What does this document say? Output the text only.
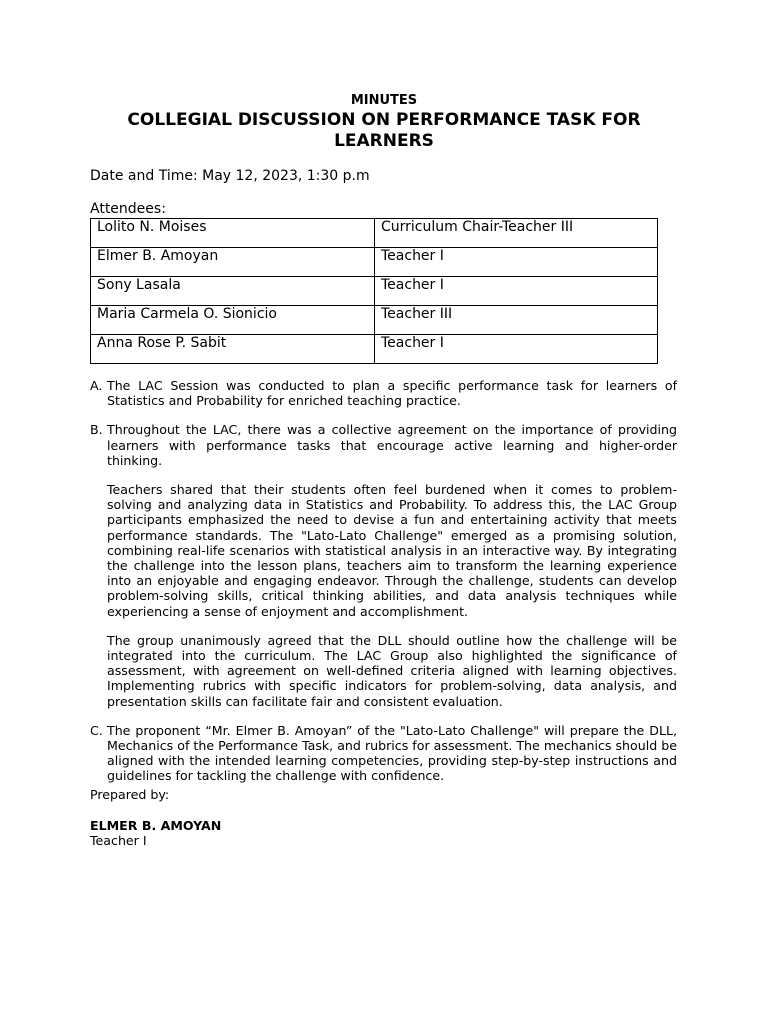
MINUTES
COLLEGIAL DISCUSSION ON PERFORMANCE TASK FOR LEARNERS
Date and Time: May 12, 2023, 1:30 p.m
Attendees:
Lolito N. Moises	Curriculum Chair-Teacher III
Elmer B. Amoyan	Teacher I
Sony Lasala	Teacher I
Maria Carmela O. Sionicio	Teacher III
Anna Rose P. Sabit	Teacher I
A. The LAC Session was conducted to plan a specific performance task for learners of Statistics and Probability for enriched teaching practice.

B. Throughout the LAC, there was a collective agreement on the importance of providing learners with performance tasks that encourage active learning and higher-order thinking.

Teachers shared that their students often feel burdened when it comes to problem-solving and analyzing data in Statistics and Probability. To address this, the LAC Group participants emphasized the need to devise a fun and entertaining activity that meets performance standards. The "Lato-Lato Challenge" emerged as a promising solution, combining real-life scenarios with statistical analysis in an interactive way. By integrating the challenge into the lesson plans, teachers aim to transform the learning experience into an enjoyable and engaging endeavor. Through the challenge, students can develop problem-solving skills, critical thinking abilities, and data analysis techniques while experiencing a sense of enjoyment and accomplishment.

The group unanimously agreed that the DLL should outline how the challenge will be integrated into the curriculum. The LAC Group also highlighted the significance of assessment, with agreement on well-defined criteria aligned with learning objectives. Implementing rubrics with specific indicators for problem-solving, data analysis, and presentation skills can facilitate fair and consistent evaluation.

C. The proponent “Mr. Elmer B. Amoyan” of the "Lato-Lato Challenge" will prepare the DLL, Mechanics of the Performance Task, and rubrics for assessment. The mechanics should be aligned with the intended learning competencies, providing step-by-step instructions and guidelines for tackling the challenge with confidence.

Prepared by:
ELMER B. AMOYAN
Teacher I
